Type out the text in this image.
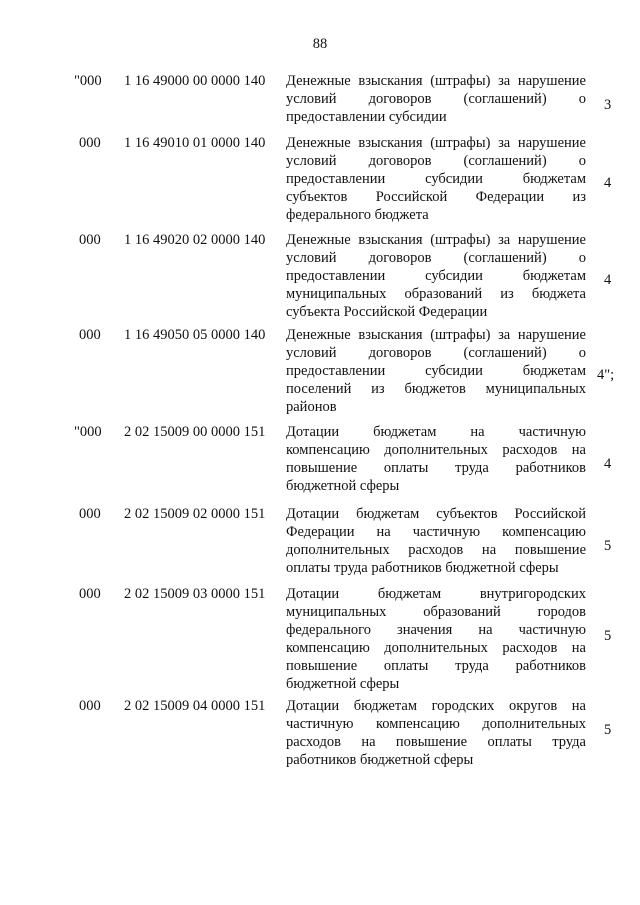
88
"000 1 16 49000 00 0000 140 Денежные взыскания (штрафы) за нарушение
условий договоров (соглашений) о
предоставлении субсидии
3
000 1 16 49010 01 0000 140 Денежные взыскания (штрафы) за нарушение
условий договоров (соглашений) о
предоставлении субсидии бюджетам
субъектов Российской Федерации из
федерального бюджета
4
000 1 16 49020 02 0000 140 Денежные взыскания (штрафы) за нарушение
условий договоров (соглашений) о
предоставлении субсидии бюджетам
муниципальных образований из бюджета
субъекта Российской Федерации
4
000 1 16 49050 05 0000 140 Денежные взыскания (штрафы) за нарушение
условий договоров (соглашений) о
предоставлении субсидии бюджетам
поселений из бюджетов муниципальных
районов
4";
"000 2 02 15009 00 0000 151 Дотации бюджетам на частичную
компенсацию дополнительных расходов на
повышение оплаты труда работников
бюджетной сферы
4
000 2 02 15009 02 0000 151 Дотации бюджетам субъектов Российской
Федерации на частичную компенсацию
дополнительных расходов на повышение
оплаты труда работников бюджетной сферы
5
000 2 02 15009 03 0000 151 Дотации бюджетам внутригородских
муниципальных образований городов
федерального значения на частичную
компенсацию дополнительных расходов на
повышение оплаты труда работников
бюджетной сферы
5
000 2 02 15009 04 0000 151 Дотации бюджетам городских округов на
частичную компенсацию дополнительных
расходов на повышение оплаты труда
работников бюджетной сферы
5
